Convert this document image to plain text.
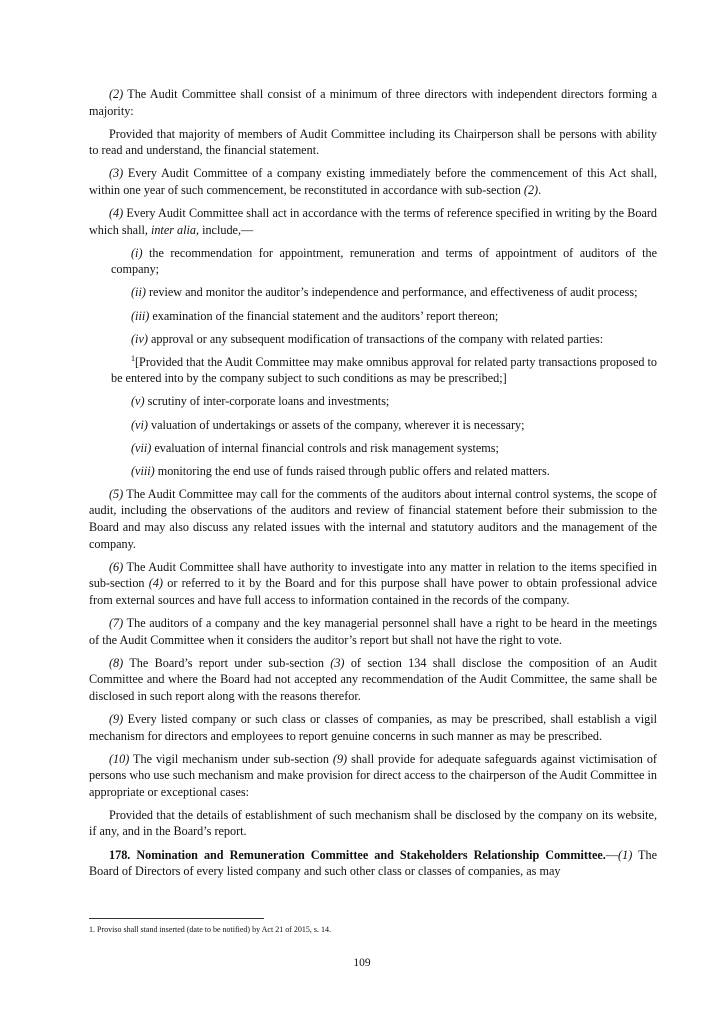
(2) The Audit Committee shall consist of a minimum of three directors with independent directors forming a majority:

Provided that majority of members of Audit Committee including its Chairperson shall be persons with ability to read and understand, the financial statement.

(3) Every Audit Committee of a company existing immediately before the commencement of this Act shall, within one year of such commencement, be reconstituted in accordance with sub-section (2).

(4) Every Audit Committee shall act in accordance with the terms of reference specified in writing by the Board which shall, inter alia, include,—

(i) the recommendation for appointment, remuneration and terms of appointment of auditors of the company;

(ii) review and monitor the auditor’s independence and performance, and effectiveness of audit process;

(iii) examination of the financial statement and the auditors’ report thereon;

(iv) approval or any subsequent modification of transactions of the company with related parties:

$^1$[Provided that the Audit Committee may make omnibus approval for related party transactions proposed to be entered into by the company subject to such conditions as may be prescribed;]

(v) scrutiny of inter-corporate loans and investments;

(vi) valuation of undertakings or assets of the company, wherever it is necessary;

(vii) evaluation of internal financial controls and risk management systems;

(viii) monitoring the end use of funds raised through public offers and related matters.

(5) The Audit Committee may call for the comments of the auditors about internal control systems, the scope of audit, including the observations of the auditors and review of financial statement before their submission to the Board and may also discuss any related issues with the internal and statutory auditors and the management of the company.

(6) The Audit Committee shall have authority to investigate into any matter in relation to the items specified in sub-section (4) or referred to it by the Board and for this purpose shall have power to obtain professional advice from external sources and have full access to information contained in the records of the company.

(7) The auditors of a company and the key managerial personnel shall have a right to be heard in the meetings of the Audit Committee when it considers the auditor’s report but shall not have the right to vote.

(8) The Board’s report under sub-section (3) of section 134 shall disclose the composition of an Audit Committee and where the Board had not accepted any recommendation of the Audit Committee, the same shall be disclosed in such report along with the reasons therefor.

(9) Every listed company or such class or classes of companies, as may be prescribed, shall establish a vigil mechanism for directors and employees to report genuine concerns in such manner as may be prescribed.

(10) The vigil mechanism under sub-section (9) shall provide for adequate safeguards against victimisation of persons who use such mechanism and make provision for direct access to the chairperson of the Audit Committee in appropriate or exceptional cases:

Provided that the details of establishment of such mechanism shall be disclosed by the company on its website, if any, and in the Board’s report.

178. Nomination and Remuneration Committee and Stakeholders Relationship Committee.—(1) The Board of Directors of every listed company and such other class or classes of companies, as may

1. Proviso shall stand inserted (date to be notified) by Act 21 of 2015, s. 14.
109
